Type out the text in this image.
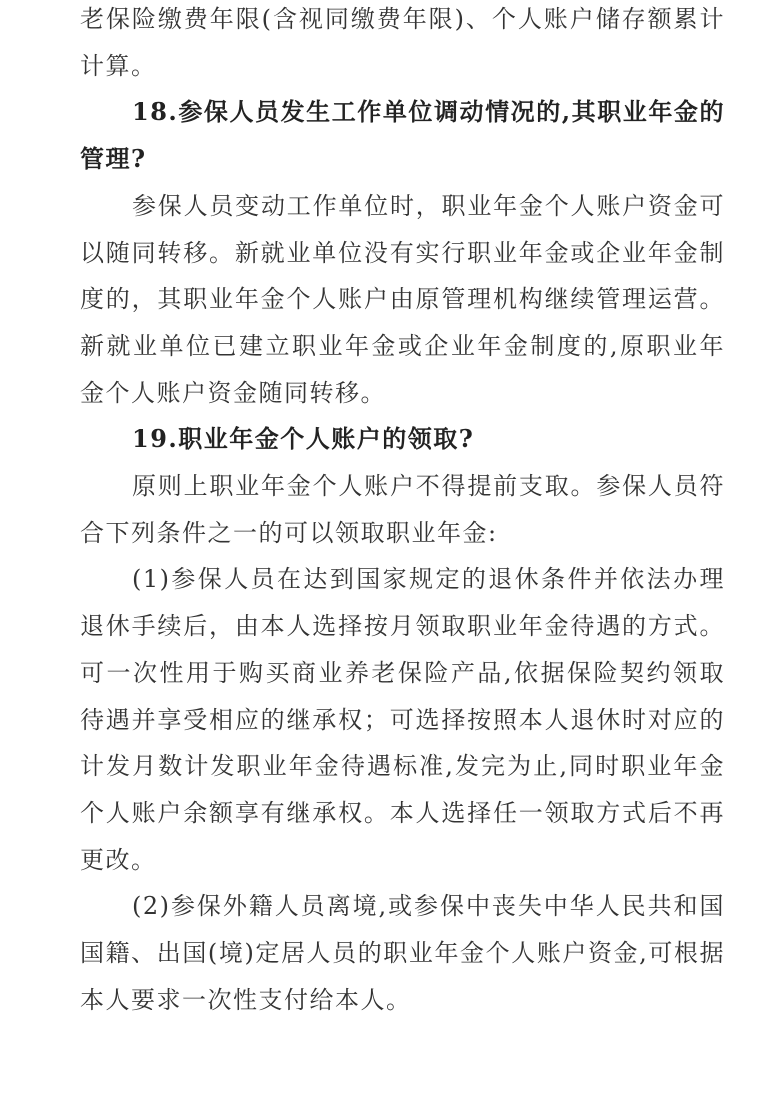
老保险缴费年限(含视同缴费年限)、个人账户储存额累计计算。

18.参保人员发生工作单位调动情况的,其职业年金的管理?

参保人员变动工作单位时，职业年金个人账户资金可以随同转移。新就业单位没有实行职业年金或企业年金制度的，其职业年金个人账户由原管理机构继续管理运营。新就业单位已建立职业年金或企业年金制度的,原职业年金个人账户资金随同转移。

19.职业年金个人账户的领取?

原则上职业年金个人账户不得提前支取。参保人员符合下列条件之一的可以领取职业年金:

(1)参保人员在达到国家规定的退休条件并依法办理退休手续后，由本人选择按月领取职业年金待遇的方式。可一次性用于购买商业养老保险产品,依据保险契约领取待遇并享受相应的继承权；可选择按照本人退休时对应的计发月数计发职业年金待遇标准,发完为止,同时职业年金个人账户余额享有继承权。本人选择任一领取方式后不再更改。

(2)参保外籍人员离境,或参保中丧失中华人民共和国国籍、出国(境)定居人员的职业年金个人账户资金,可根据本人要求一次性支付给本人。
